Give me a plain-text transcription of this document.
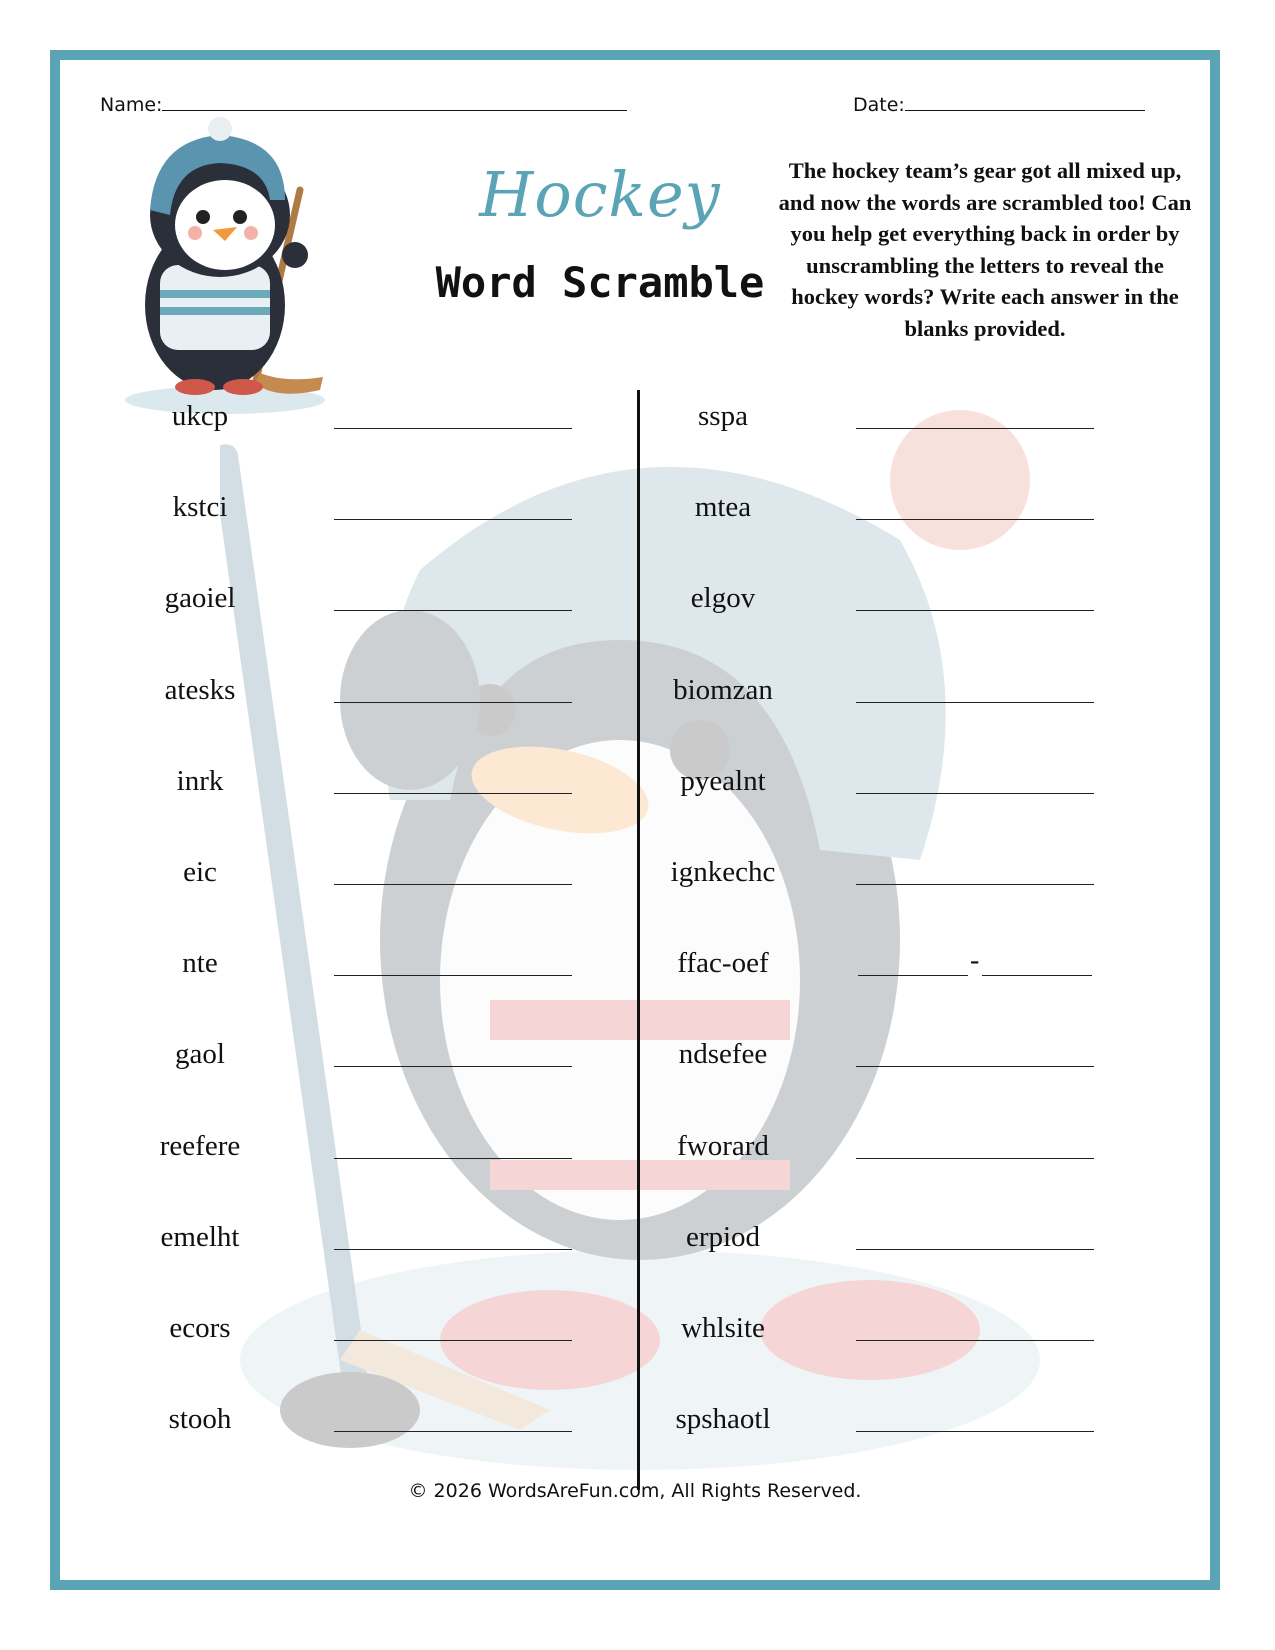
Name:	Date:
Hockey
Word Scramble
The hockey team’s gear got all mixed up, and now the words are scrambled too! Can you help get everything back in order by unscrambling the letters to reveal the hockey words? Write each answer in the blanks provided.
ukcp
kstci
gaoiel
atesks
inrk
eic
nte
gaol
reefere
emelht
ecors
stooh
sspa
mtea
elgov
biomzan
pyealnt
ignkechc
ffac-oef	-
ndsefee
fworard
erpiod
whlsite
spshaotl
© 2026 WordsAreFun.com, All Rights Reserved.
